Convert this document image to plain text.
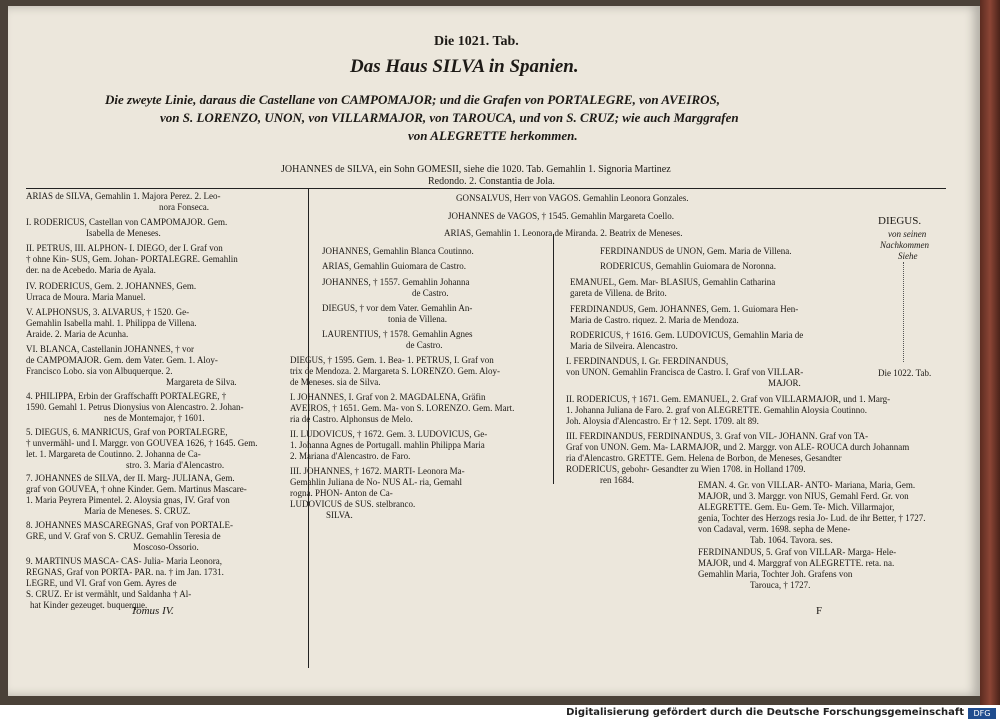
Die 1021. Tab.
Das Haus SILVA in Spanien.
Die zweyte Linie, daraus die Castellane von CAMPOMAJOR; und die Grafen von PORTALEGRE, von AVEIROS,
von S. LORENZO, UNON, von VILLARMAJOR, von TAROUCA, und von S. CRUZ; wie auch Marggrafen
von ALEGRETTE herkommen.
JOHANNES de SILVA, ein Sohn GOMESII, siehe die 1020. Tab. Gemahlin 1. Signoria Martinez
Redondo. 2. Constantia de Jola.
ARIAS de SILVA, Gemahlin 1. Majora Perez. 2. Leo-
nora Fonseca.
I. RODERICUS, Castellan von CAMPOMAJOR. Gem.
Isabella de Meneses.
II. PETRUS, III. ALPHON- I. DIEGO, der I. Graf von
† ohne Kin- SUS, Gem. Johan- PORTALEGRE. Gemahlin
der. na de Acebedo. Maria de Ayala.
IV. RODERICUS, Gem. 2. JOHANNES, Gem.
Urraca de Moura. Maria Manuel.
V. ALPHONSUS, 3. ALVARUS, † 1520. Ge-
Gemahlin Isabella mahl. 1. Philippa de Villena.
Araide. 2. Maria de Acunha.
VI. BLANCA, Castellanin JOHANNES, † vor
de CAMPOMAJOR. Gem. dem Vater. Gem. 1. Aloy-
Francisco Lobo. sia von Albuquerque. 2.
Margareta de Silva.
4. PHILIPPA, Erbin der Graffschafft PORTALEGRE, †
1590. Gemahl 1. Petrus Dionysius von Alencastro. 2. Johan-
nes de Montemajor, † 1601.
5. DIEGUS, 6. MANRICUS, Graf von PORTALEGRE,
† unvermähl- und I. Marggr. von GOUVEA 1626, † 1645. Gem.
let. 1. Margareta de Coutinno. 2. Johanna de Ca-
stro. 3. Maria d'Alencastro.
7. JOHANNES de SILVA, der II. Marg- JULIANA, Gem.
graf von GOUVEA, † ohne Kinder. Gem. Martinus Mascare-
1. Maria Peyrera Pimentel. 2. Aloysia gnas, IV. Graf von
Maria de Meneses. S. CRUZ.
8. JOHANNES MASCAREGNAS, Graf von PORTALE-
GRE, und V. Graf von S. CRUZ. Gemahlin Teresia de
Moscoso-Ossorio.
9. MARTINUS MASCA- CAS- Julia- Maria Leonora,
REGNAS, Graf von PORTA- PAR. na. † im Jan. 1731.
LEGRE, und VI. Graf von Gem. Ayres de
S. CRUZ. Er ist vermählt, und Saldanha † Al-
hat Kinder gezeuget. buquerque.
Tomus IV.
JOHANNES, Gemahlin Blanca Coutinno.
ARIAS, Gemahlin Guiomara de Castro.
JOHANNES, † 1557. Gemahlin Johanna
de Castro.
DIEGUS, † vor dem Vater. Gemahlin An-
tonia de Villena.
LAURENTIUS, † 1578. Gemahlin Agnes
de Castro.
DIEGUS, † 1595. Gem. 1. Bea- 1. PETRUS, I. Graf von
trix de Mendoza. 2. Margareta S. LORENZO. Gem. Aloy-
de Meneses. sia de Silva.
I. JOHANNES, I. Graf von 2. MAGDALENA, Gräfin
AVEIROS, † 1651. Gem. Ma- von S. LORENZO. Gem. Mart.
ria de Castro. Alphonsus de Melo.
II. LUDOVICUS, † 1672. Gem. 3. LUDOVICUS, Ge-
1. Johanna Agnes de Portugall. mahlin Philippa Maria
2. Mariana d'Alencastro. de Faro.
III. JOHANNES, † 1672. MARTI- Leonora Ma-
Gemahlin Juliana de No- NUS AL- ria, Gemahl
rogna. PHON- Anton de Ca-
LUDOVICUS de SUS. stelbranco.
SILVA.
GONSALVUS, Herr von VAGOS. Gemahlin Leonora Gonzales.
JOHANNES de VAGOS, † 1545. Gemahlin Margareta Coello.
ARIAS, Gemahlin 1. Leonora de Miranda. 2. Beatrix de Meneses.
FERDINANDUS de UNON, Gem. Maria de Villena.
RODERICUS, Gemahlin Guiomara de Noronna.
EMANUEL, Gem. Mar- BLASIUS, Gemahlin Catharina
gareta de Villena. de Brito.
FERDINANDUS, Gem. JOHANNES, Gem. 1. Guiomara Hen-
Maria de Castro. riquez. 2. Maria de Mendoza.
RODERICUS, † 1616. Gem. LUDOVICUS, Gemahlin Maria de
Maria de Silveira. Alencastro.
I. FERDINANDUS, I. Gr. FERDINANDUS,
von UNON. Gemahlin Francisca de Castro. I. Graf von VILLAR-
MAJOR.
II. RODERICUS, † 1671. Gem. EMANUEL, 2. Graf von VILLARMAJOR, und 1. Marg-
1. Johanna Juliana de Faro. 2. graf von ALEGRETTE. Gemahlin Aloysia Coutinno.
Joh. Aloysia d'Alencastro. Er † 12. Sept. 1709. alt 89.
III. FERDINANDUS, FERDINANDUS, 3. Graf von VIL- JOHANN. Graf von TA-
Graf von UNON. Gem. Ma- LARMAJOR, und 2. Marggr. von ALE- ROUCA durch Johannam
ria d'Alencastro. GRETTE. Gem. Helena de Borbon, de Meneses, Gesandter
RODERICUS, gebohr- Gesandter zu Wien 1708. in Holland 1709.
ren 1684.	EMAN. 4. Gr. von VILLAR- ANTO- Mariana, Maria, Gem.
MAJOR, und 3. Marggr. von NIUS, Gemahl Ferd. Gr. von
ALEGRETTE. Gem. Eu- Gem. Te- Mich. Villarmajor,
genia, Tochter des Herzogs resia Jo- Lud. de ihr Better, † 1727.
von Cadaval, verm. 1698. sepha de Mene-
Tab. 1064. Tavora. ses.
FERDINANDUS, 5. Graf von VILLAR- Marga- Hele-
MAJOR, und 4. Marggraf von ALEGRETTE. reta. na.
Gemahlin Maria, Tochter Joh. Grafens von
Tarouca, † 1727.
DIEGUS.
von seinen
Nachkommen
Siehe
Die 1022. Tab.
F
Digitalisierung gefördert durch die Deutsche Forschungsgemeinschaft	DFG
